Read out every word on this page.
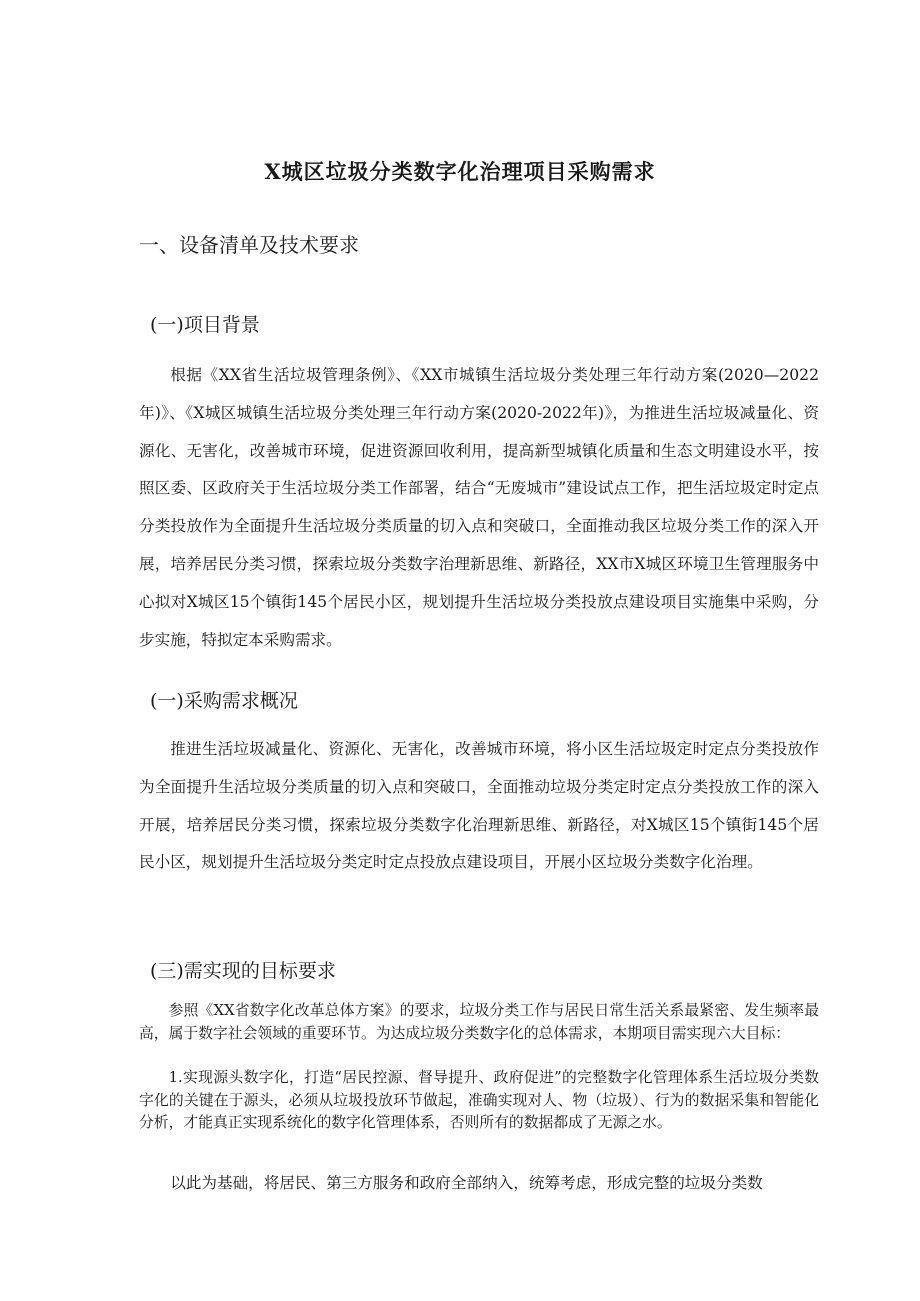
X城区垃圾分类数字化治理项目采购需求
一、设备清单及技术要求
(一)项目背景

根据《XX省生活垃圾管理条例》、《XX市城镇生活垃圾分类处理三年行动方案(2020—2022年)》、《X城区城镇生活垃圾分类处理三年行动方案(2020-2022年)》，为推进生活垃圾减量化、资源化、无害化，改善城市环境，促进资源回收利用，提高新型城镇化质量和生态文明建设水平，按照区委、区政府关于生活垃圾分类工作部署，结合“无废城市”建设试点工作，把生活垃圾定时定点分类投放作为全面提升生活垃圾分类质量的切入点和突破口，全面推动我区垃圾分类工作的深入开展，培养居民分类习惯，探索垃圾分类数字治理新思维、新路径，XX市X城区环境卫生管理服务中心拟对X城区15个镇街145个居民小区，规划提升生活垃圾分类投放点建设项目实施集中采购，分步实施，特拟定本采购需求。

(一)采购需求概况

推进生活垃圾减量化、资源化、无害化，改善城市环境，将小区生活垃圾定时定点分类投放作为全面提升生活垃圾分类质量的切入点和突破口，全面推动垃圾分类定时定点分类投放工作的深入开展，培养居民分类习惯，探索垃圾分类数字化治理新思维、新路径，对X城区15个镇街145个居民小区，规划提升生活垃圾分类定时定点投放点建设项目，开展小区垃圾分类数字化治理。

(三)需实现的目标要求

参照《XX省数字化改革总体方案》的要求，垃圾分类工作与居民日常生活关系最紧密、发生频率最高，属于数字社会领域的重要环节。为达成垃圾分类数字化的总体需求，本期项目需实现六大目标：

1.实现源头数字化，打造“居民控源、督导提升、政府促进”的完整数字化管理体系生活垃圾分类数字化的关键在于源头，必须从垃圾投放环节做起，准确实现对人、物（垃圾）、行为的数据采集和智能化分析，才能真正实现系统化的数字化管理体系，否则所有的数据都成了无源之水。

以此为基础，将居民、第三方服务和政府全部纳入，统筹考虑，形成完整的垃圾分类数
